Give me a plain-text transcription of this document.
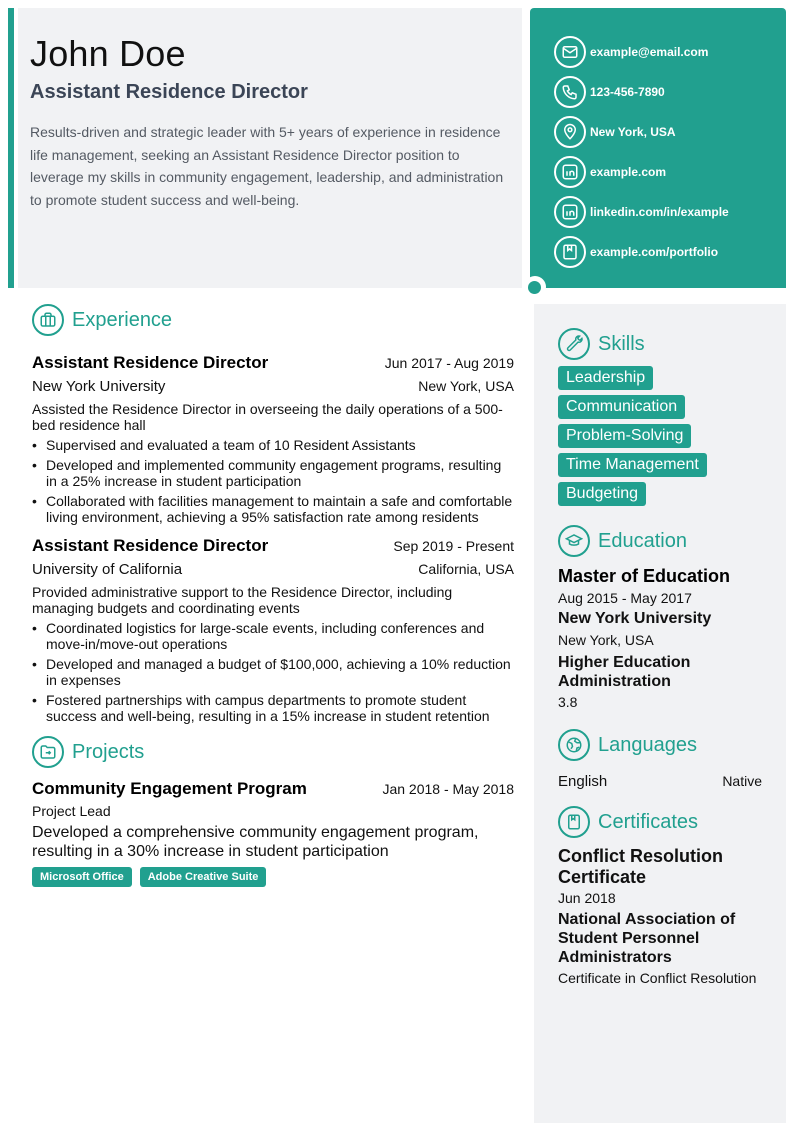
John Doe
Assistant Residence Director

Results-driven and strategic leader with 5+ years of experience in residence life management, seeking an Assistant Residence Director position to leverage my skills in community engagement, leadership, and administration to promote student success and well-being.

example@email.com
123-456-7890
New York, USA
example.com
linkedin.com/in/example
example.com/portfolio
Experience
Assistant Residence Director	Jun 2017 - Aug 2019
New York University	New York, USA

Assisted the Residence Director in overseeing the daily operations of a 500-bed residence hall

• Supervised and evaluated a team of 10 Resident Assistants
• Developed and implemented community engagement programs, resulting in a 25% increase in student participation
• Collaborated with facilities management to maintain a safe and comfortable living environment, achieving a 95% satisfaction rate among residents
Assistant Residence Director	Sep 2019 - Present
University of California	California, USA

Provided administrative support to the Residence Director, including managing budgets and coordinating events

• Coordinated logistics for large-scale events, including conferences and move-in/move-out operations
• Developed and managed a budget of $100,000, achieving a 10% reduction in expenses
• Fostered partnerships with campus departments to promote student success and well-being, resulting in a 15% increase in student retention
Projects
Community Engagement Program	Jan 2018 - May 2018
Project Lead

Developed a comprehensive community engagement program, resulting in a 30% increase in student participation

Microsoft Office	Adobe Creative Suite
Skills
Leadership
Communication
Problem-Solving
Time Management
Budgeting
Education
Master of Education
Aug 2015 - May 2017
New York University
New York, USA
Higher Education Administration
3.8
Languages
English	Native
Certificates
Conflict Resolution Certificate
Jun 2018
National Association of Student Personnel Administrators
Certificate in Conflict Resolution
